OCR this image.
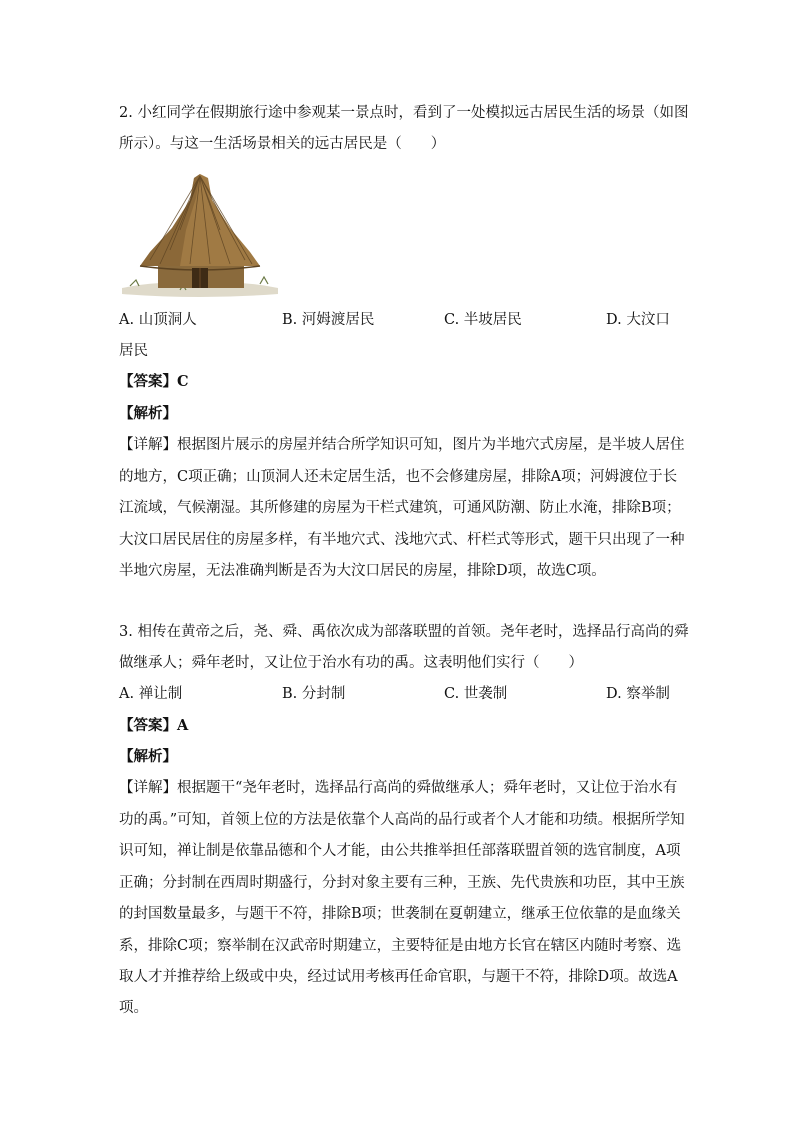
2. 小红同学在假期旅行途中参观某一景点时，看到了一处模拟远古居民生活的场景（如图
所示）。与这一生活场景相关的远古居民是（　　）
A. 山顶洞人	B. 河姆渡居民	C. 半坡居民	D. 大汶口
居民
【答案】C
【解析】
【详解】根据图片展示的房屋并结合所学知识可知，图片为半地穴式房屋，是半坡人居住
的地方，C项正确；山顶洞人还未定居生活，也不会修建房屋，排除A项；河姆渡位于长
江流域，气候潮湿。其所修建的房屋为干栏式建筑，可通风防潮、防止水淹，排除B项；
大汶口居民居住的房屋多样，有半地穴式、浅地穴式、杆栏式等形式，题干只出现了一种
半地穴房屋，无法准确判断是否为大汶口居民的房屋，排除D项，故选C项。
3. 相传在黄帝之后，尧、舜、禹依次成为部落联盟的首领。尧年老时，选择品行高尚的舜
做继承人；舜年老时，又让位于治水有功的禹。这表明他们实行（　　）
A. 禅让制	B. 分封制	C. 世袭制	D. 察举制
【答案】A
【解析】
【详解】根据题干“尧年老时，选择品行高尚的舜做继承人；舜年老时，又让位于治水有
功的禹。”可知，首领上位的方法是依靠个人高尚的品行或者个人才能和功绩。根据所学知
识可知，禅让制是依靠品德和个人才能，由公共推举担任部落联盟首领的选官制度，A项
正确；分封制在西周时期盛行，分封对象主要有三种，王族、先代贵族和功臣，其中王族
的封国数量最多，与题干不符，排除B项；世袭制在夏朝建立，继承王位依靠的是血缘关
系，排除C项；察举制在汉武帝时期建立，主要特征是由地方长官在辖区内随时考察、选
取人才并推荐给上级或中央，经过试用考核再任命官职，与题干不符，排除D项。故选A
项。
